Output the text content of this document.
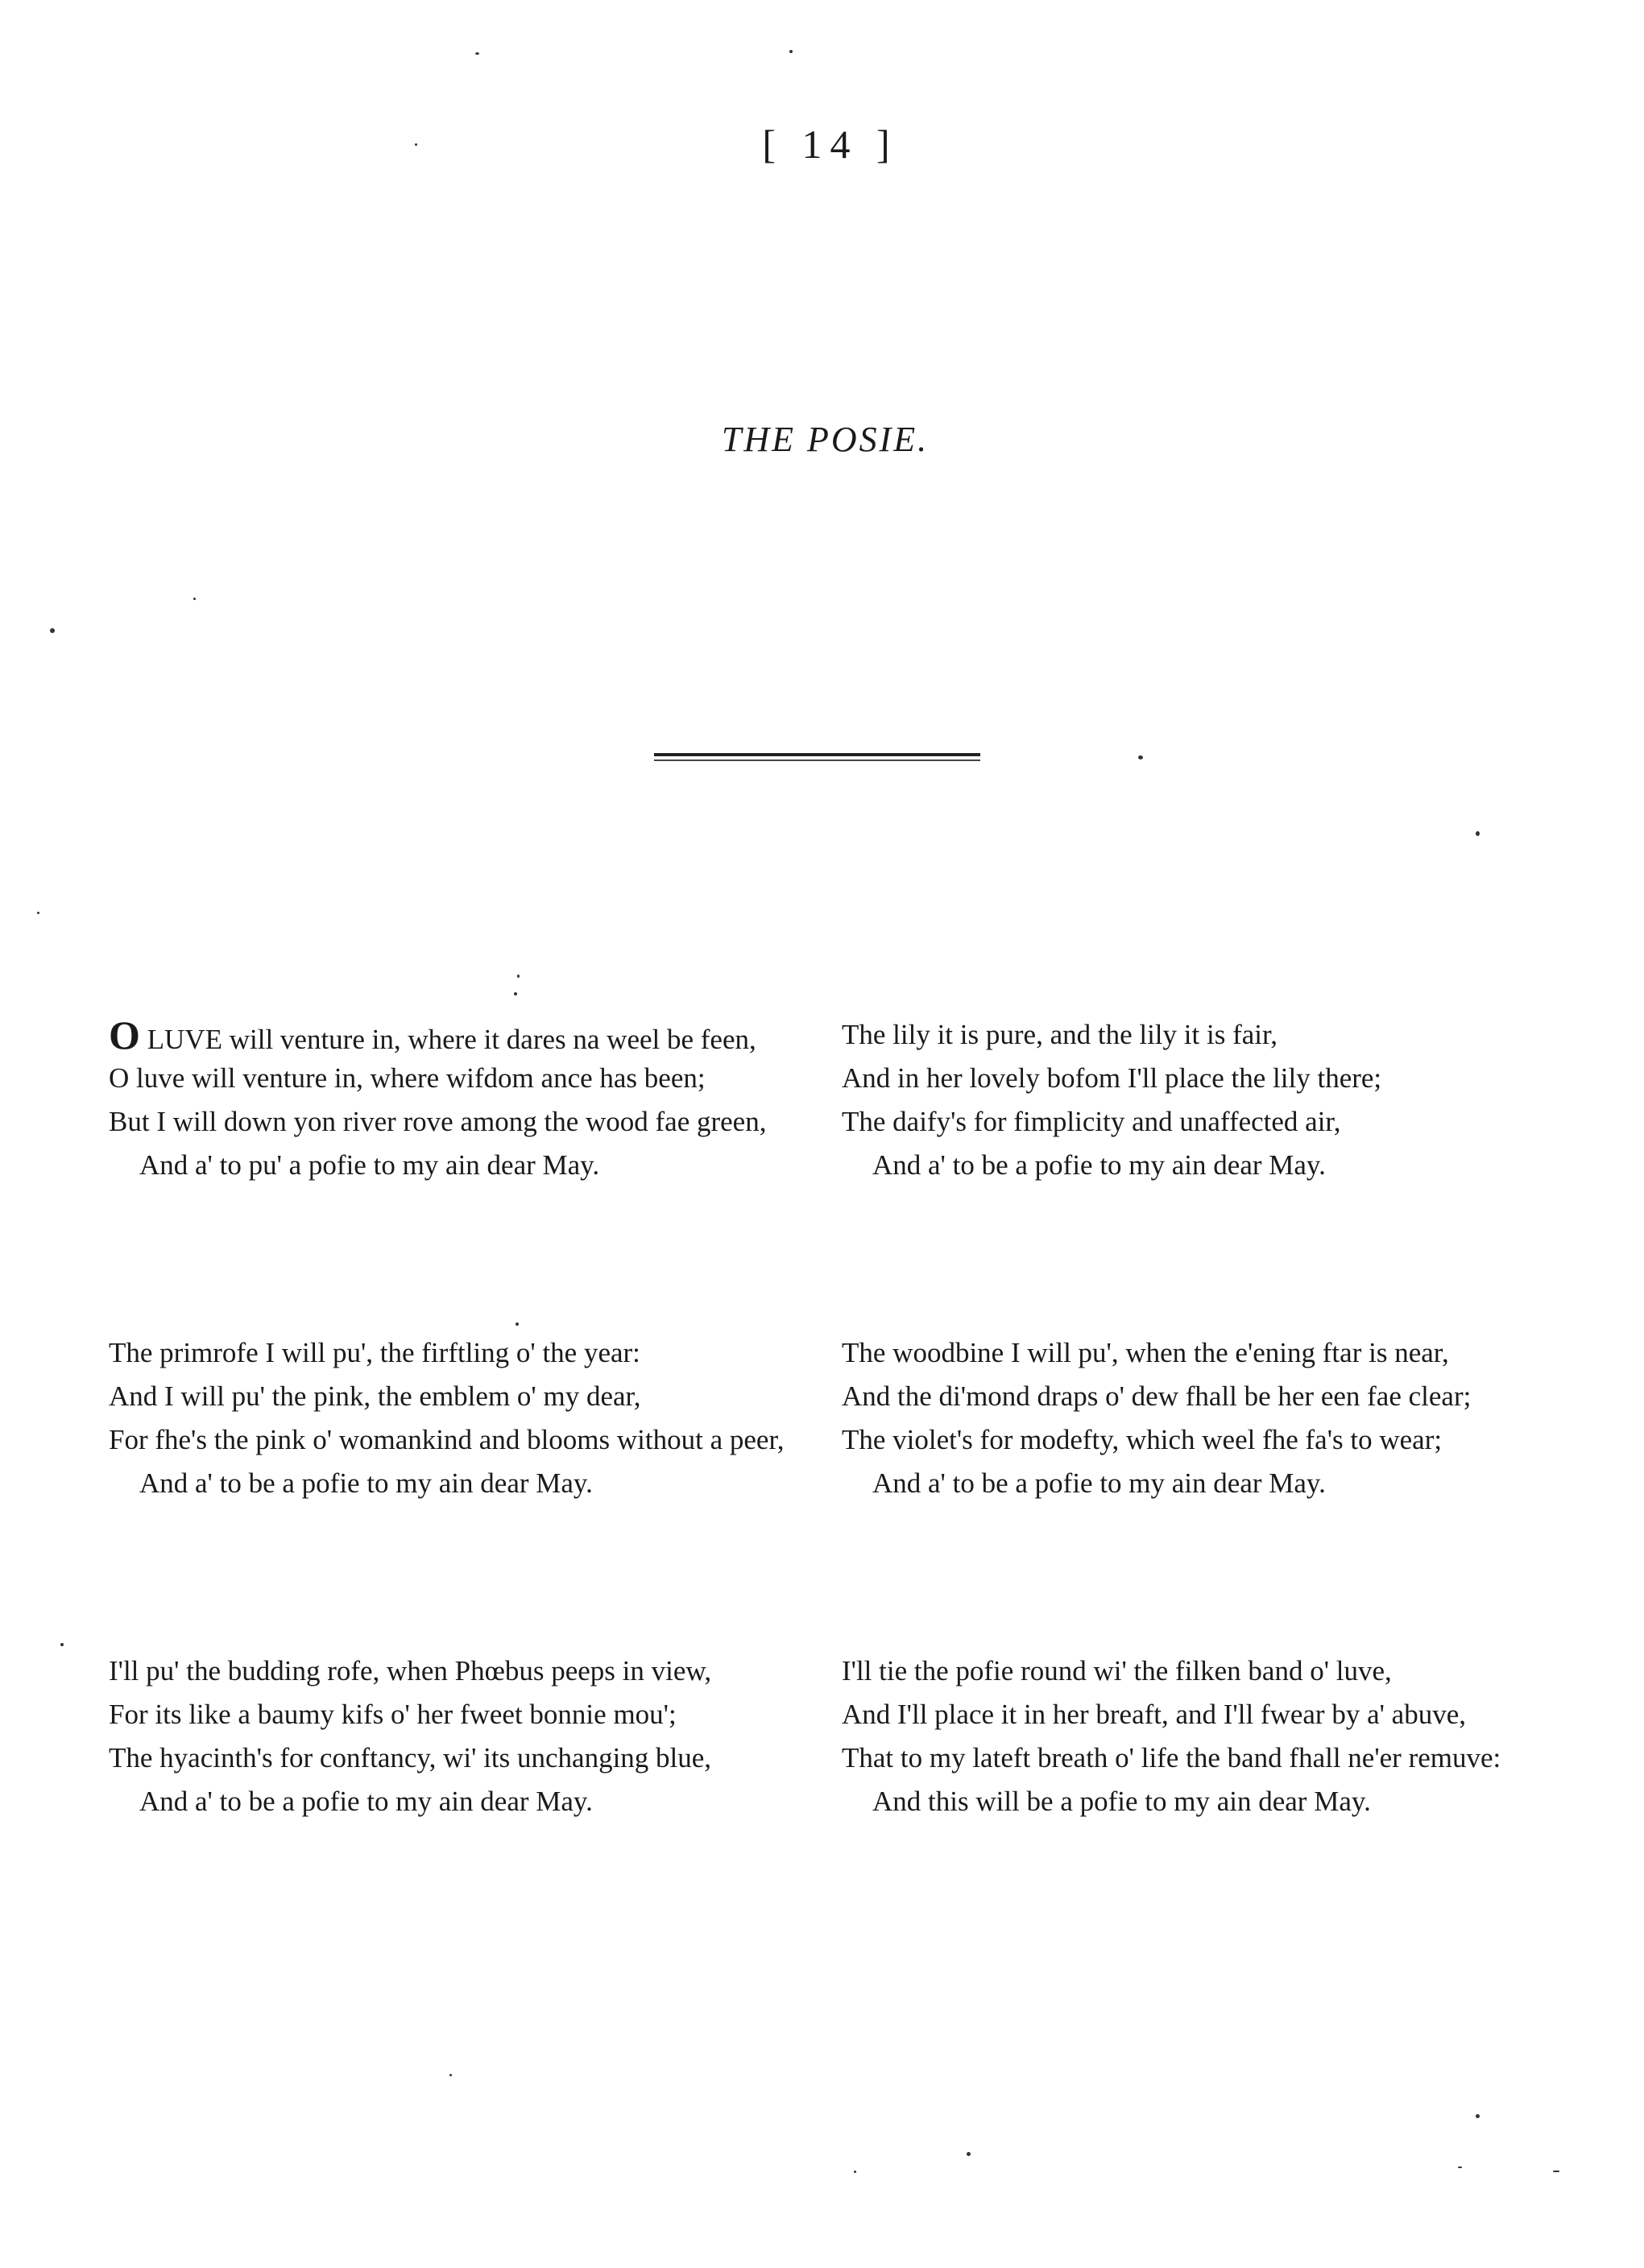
[ 14 ]
THE POSIE.
O LUVE will venture in, where it dares na weel be feen,
O luve will venture in, where wifdom ance has been;
But I will down yon river rove among the wood fae green,
And a' to pu' a pofie to my ain dear May.
The primrofe I will pu', the firftling o' the year:
And I will pu' the pink, the emblem o' my dear,
For fhe's the pink o' womankind and blooms without a peer,
And a' to be a pofie to my ain dear May.
I'll pu' the budding rofe, when Phœbus peeps in view,
For its like a baumy kifs o' her fweet bonnie mou';
The hyacinth's for conftancy, wi' its unchanging blue,
And a' to be a pofie to my ain dear May.
The lily it is pure, and the lily it is fair,
And in her lovely bofom I'll place the lily there;
The daify's for fimplicity and unaffected air,
And a' to be a pofie to my ain dear May.
The woodbine I will pu', when the e'ening ftar is near,
And the di'mond draps o' dew fhall be her een fae clear;
The violet's for modefty, which weel fhe fa's to wear;
And a' to be a pofie to my ain dear May.
I'll tie the pofie round wi' the filken band o' luve,
And I'll place it in her breaft, and I'll fwear by a' abuve,
That to my lateft breath o' life the band fhall ne'er remuve:
And this will be a pofie to my ain dear May.
